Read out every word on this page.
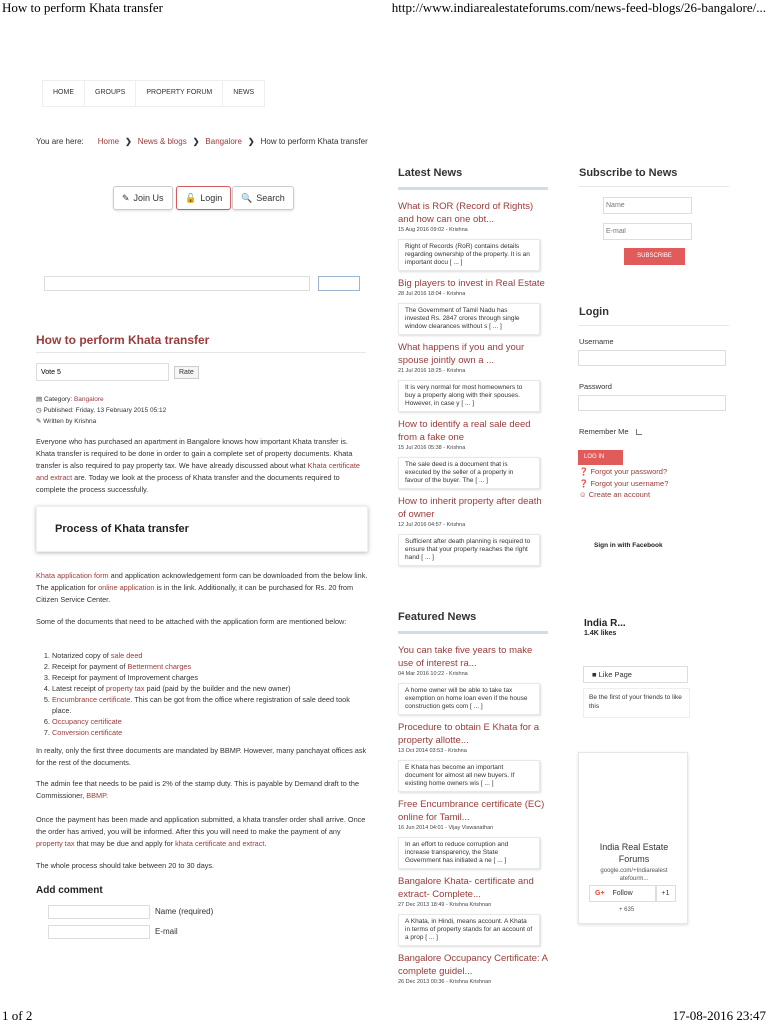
How to perform Khata transfer	http://www.indiarealestateforums.com/news-feed-blogs/26-bangalore/...
HOME	GROUPS	PROPERTY FORUM	NEWS
You are here: Home ❯ News & blogs ❯ Bangalore ❯ How to perform Khata transfer
✎ Join Us 🔓 Login 🔍 Search
How to perform Khata transfer
Vote 5
Rate
▤ Category: Bangalore
◷ Published: Friday, 13 February 2015 05:12
✎ Written by Krishna
Everyone who has purchased an apartment in Bangalore knows how important Khata transfer is. Khata transfer is required to be done in order to gain a complete set of property documents. Khata transfer is also required to pay property tax. We have already discussed about what Khata certificate and extract are. Today we look at the process of Khata transfer and the documents required to complete the process successfully.
Process of Khata transfer
Khata application form and application acknowledgement form can be downloaded from the below link. The application for online application is in the link. Additionally, it can be purchased for Rs. 20 from Citizen Service Center.
Some of the documents that need to be attached with the application form are mentioned below:
1. Notarized copy of sale deed
2. Receipt for payment of Betterment charges
3. Receipt for payment of Improvement charges
4. Latest receipt of property tax paid (paid by the builder and the new owner)
5. Encumbrance certificate. This can be got from the office where registration of sale deed took place.
6. Occupancy certificate
7. Conversion certificate
In realty, only the first three documents are mandated by BBMP. However, many panchayat offices ask for the rest of the documents.
The admin fee that needs to be paid is 2% of the stamp duty. This is payable by Demand draft to the Commissioner, BBMP.
Once the payment has been made and application submitted, a khata transfer order shall arrive. Once the order has arrived, you will be informed. After this you will need to make the payment of any property tax that may be due and apply for khata certificate and extract.
The whole process should take between 20 to 30 days.
Add comment
Name (required)
E-mail
Latest News
What is ROR (Record of Rights) and how can one obt...
15 Aug 2016 09:02 - Krishna
Right of Records (RoR) contains details regarding ownership of the property. It is an important docu [ ... ]
Big players to invest in Real Estate
28 Jul 2016 18:04 - Krishna
The Government of Tamil Nadu has invested Rs. 2847 crores through single window clearances without s [ ... ]
What happens if you and your spouse jointly own a ...
21 Jul 2016 18:25 - Krishna
It is very normal for most homeowners to buy a property along with their spouses. However, in case y [ ... ]
How to identify a real sale deed from a fake one
15 Jul 2016 05:38 - Krishna
The sale deed is a document that is executed by the seller of a property in favour of the buyer. The [ ... ]
How to inherit property after death of owner
12 Jul 2016 04:57 - Krishna
Sufficient after death planning is required to ensure that your property reaches the right hand [ ... ]
Featured News
You can take five years to make use of interest ra...
04 Mar 2016 10:22 - Krishna
A home owner will be able to take tax exemption on home loan even if the house construction gets com [ ... ]
Procedure to obtain E Khata for a property allotte...
13 Oct 2014 03:53 - Krishna
E Khata has become an important document for almost all new buyers. If existing home owners wis [ ... ]
Free Encumbrance certificate (EC) online for Tamil...
16 Jun 2014 04:01 - Vijay Viswanathan
In an effort to reduce corruption and increase transparency, the State Government has initiated a ne [ ... ]
Bangalore Khata- certificate and extract- Complete...
27 Dec 2013 18:49 - Krishna Krishnan
A Khata, in Hindi, means account. A Khata in terms of property stands for an account of a prop [ ... ]
Bangalore Occupancy Certificate: A complete guidel...
26 Dec 2013 00:36 - Krishna Krishnan
Subscribe to News
Name
E-mail
SUBSCRIBE
Login
Username
Password
Remember Me
LOG IN
❓ Forgot your password?
❓ Forgot your username?
☺ Create an account
Sign in with Facebook
India R...
1.4K likes
■ Like Page
Be the first of your friends to like this
India Real Estate Forums
google.com/+Indiarealest atefourm...
G+ Follow	+1
+ 635
1 of 2	17-08-2016 23:47
